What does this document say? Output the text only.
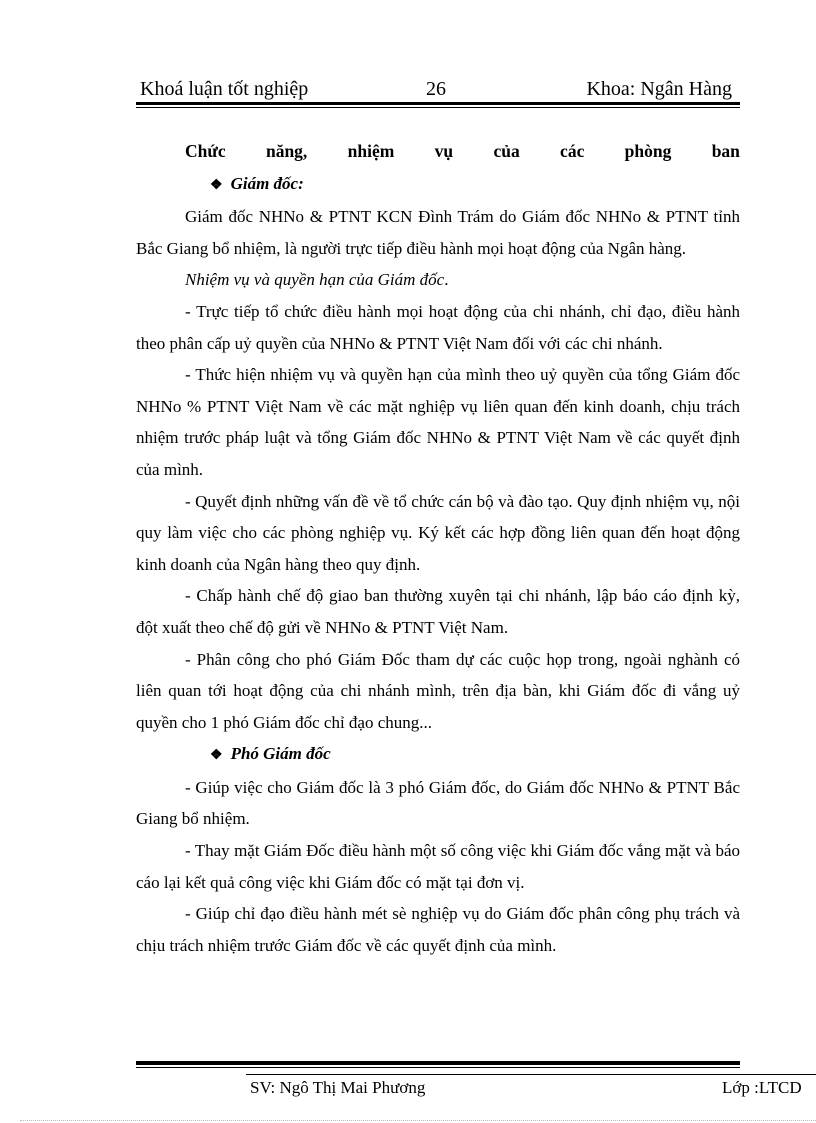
Khoá luận tốt nghiệp	26	Khoa: Ngân Hàng

Chức năng, nhiệm vụ của các phòng ban

❖ Giám đốc:

Giám đốc NHNo & PTNT KCN Đình Trám do Giám đốc NHNo & PTNT tỉnh Bắc Giang bổ nhiệm, là người trực tiếp điều hành mọi hoạt động của Ngân hàng.

Nhiệm vụ và quyền hạn của Giám đốc.

- Trực tiếp tổ chức điều hành mọi hoạt động của chi nhánh, chỉ đạo, điều hành theo phân cấp uỷ quyền của NHNo & PTNT Việt Nam đối với các chi nhánh.

- Thức hiện nhiệm vụ và quyền hạn của mình theo uỷ quyền của tổng Giám đốc NHNo % PTNT Việt Nam về các mặt nghiệp vụ liên quan đến kinh doanh, chịu trách nhiệm trước pháp luật và tổng Giám đốc NHNo & PTNT Việt Nam về các quyết định của mình.

- Quyết định những vấn đề về tổ chức cán bộ và đào tạo. Quy định nhiệm vụ, nội quy làm việc cho các phòng nghiệp vụ. Ký kết các hợp đồng liên quan đến hoạt động kinh doanh của Ngân hàng theo quy định.

- Chấp hành chế độ giao ban thường xuyên tại chi nhánh, lập báo cáo định kỳ, đột xuất theo chế độ gửi về NHNo & PTNT Việt Nam.

- Phân công cho phó Giám Đốc tham dự các cuộc họp trong, ngoài nghành có liên quan tới hoạt động của chi nhánh mình, trên địa bàn, khi Giám đốc đi vắng uỷ quyền cho 1 phó Giám đốc chỉ đạo chung...

❖ Phó Giám đốc

- Giúp việc cho Giám đốc là 3 phó Giám đốc, do Giám đốc NHNo & PTNT Bắc Giang bổ nhiệm.

- Thay mặt Giám Đốc điều hành một số công việc khi Giám đốc vắng mặt và báo cáo lại kết quả công việc khi Giám đốc có mặt tại đơn vị.

- Giúp chỉ đạo điều hành mét sè nghiệp vụ do Giám đốc phân công phụ trách và chịu trách nhiệm trước Giám đốc về các quyết định của mình.

SV: Ngô Thị Mai Phương	Lớp :LTCD
